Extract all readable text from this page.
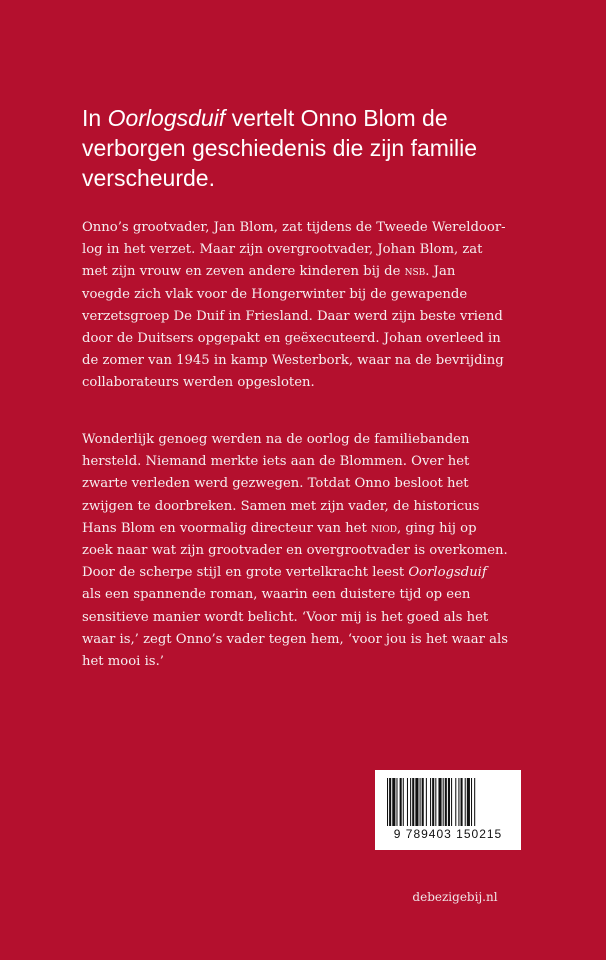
In Oorlogsduif vertelt Onno Blom de
verborgen geschiedenis die zijn familie
verscheurde.

Onno’s grootvader, Jan Blom, zat tijdens de Tweede Wereldoor-
log in het verzet. Maar zijn overgrootvader, Johan Blom, zat
met zijn vrouw en zeven andere kinderen bij de nsb. Jan
voegde zich vlak voor de Hongerwinter bij de gewapende
verzetsgroep De Duif in Friesland. Daar werd zijn beste vriend
door de Duitsers opgepakt en geëxecuteerd. Johan overleed in
de zomer van 1945 in kamp Westerbork, waar na de bevrijding
collaborateurs werden opgesloten.

Wonderlijk genoeg werden na de oorlog de familiebanden
hersteld. Niemand merkte iets aan de Blommen. Over het
zwarte verleden werd gezwegen. Totdat Onno besloot het
zwijgen te doorbreken. Samen met zijn vader, de historicus
Hans Blom en voormalig directeur van het niod, ging hij op
zoek naar wat zijn grootvader en overgrootvader is overkomen.
Door de scherpe stijl en grote vertelkracht leest Oorlogsduif
als een spannende roman, waarin een duistere tijd op een
sensitieve manier wordt belicht. ‘Voor mij is het goed als het
waar is,’ zegt Onno’s vader tegen hem, ‘voor jou is het waar als
het mooi is.’

9 789403 150215
debezigebij.nl
